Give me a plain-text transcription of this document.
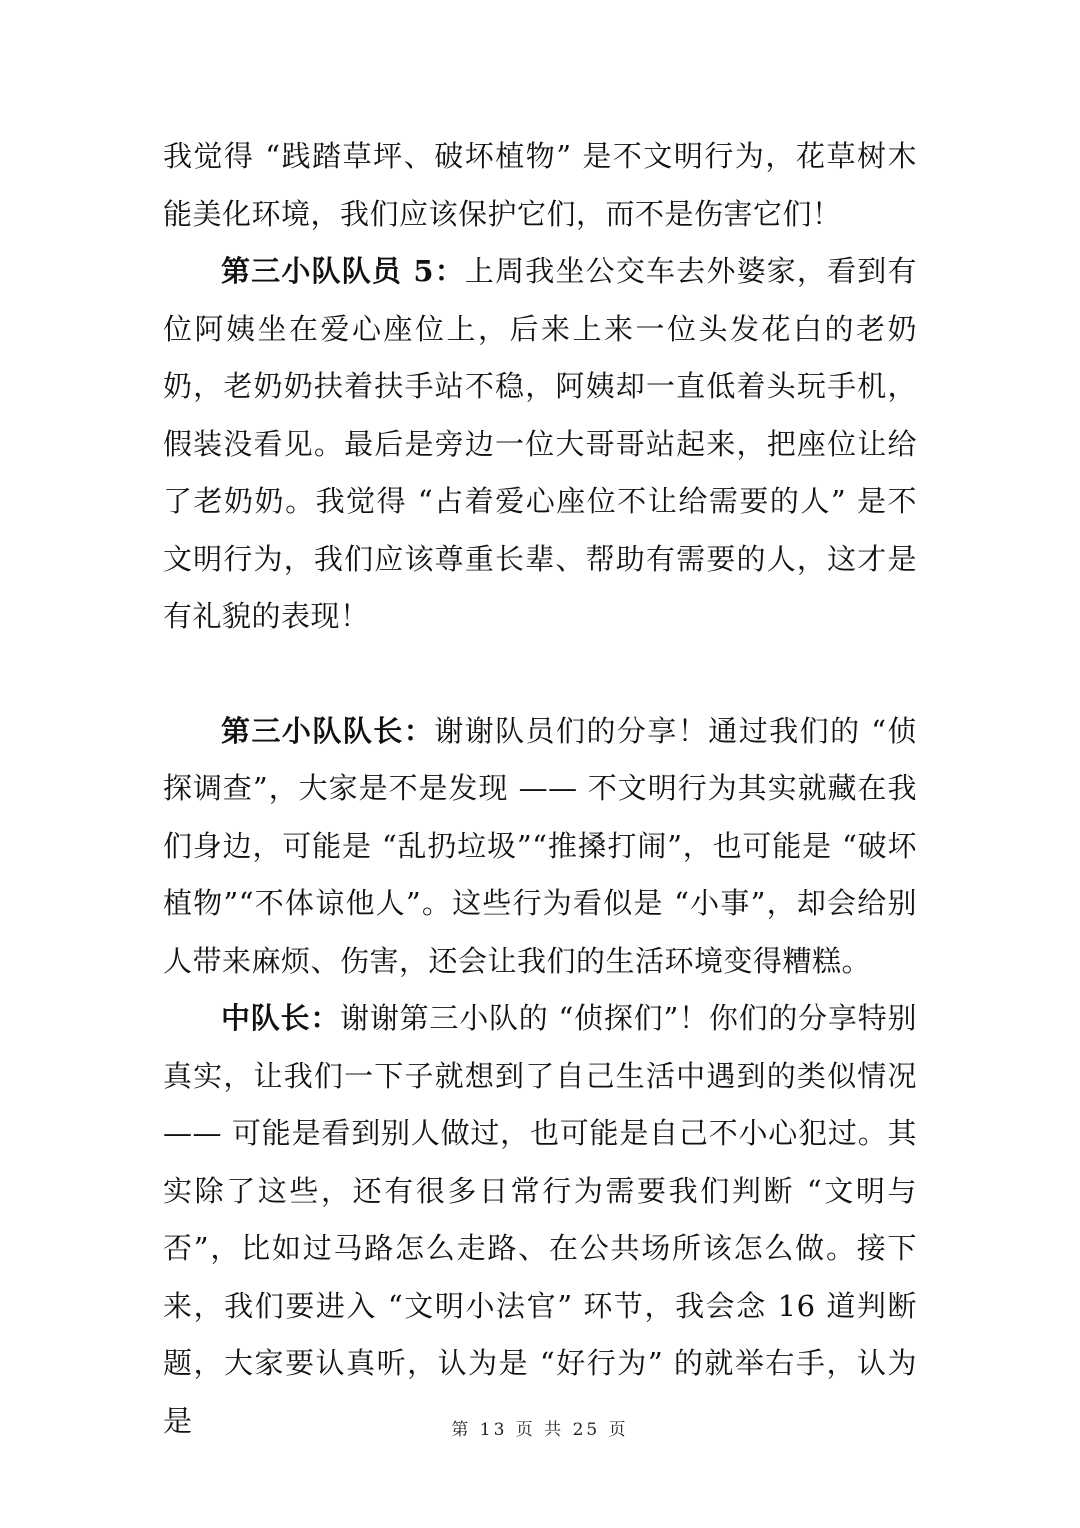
我觉得 “践踏草坪、破坏植物” 是不文明行为，花草树木能美化环境，我们应该保护它们，而不是伤害它们！

第三小队队员 5：上周我坐公交车去外婆家，看到有位阿姨坐在爱心座位上，后来上来一位头发花白的老奶奶，老奶奶扶着扶手站不稳，阿姨却一直低着头玩手机，假装没看见。最后是旁边一位大哥哥站起来，把座位让给了老奶奶。我觉得 “占着爱心座位不让给需要的人” 是不文明行为，我们应该尊重长辈、帮助有需要的人，这才是有礼貌的表现！

第三小队队长：谢谢队员们的分享！通过我们的 “侦探调查”，大家是不是发现 —— 不文明行为其实就藏在我们身边，可能是 “乱扔垃圾”“推搡打闹”，也可能是 “破坏植物”“不体谅他人”。这些行为看似是 “小事”，却会给别人带来麻烦、伤害，还会让我们的生活环境变得糟糕。

中队长：谢谢第三小队的 “侦探们”！你们的分享特别真实，让我们一下子就想到了自己生活中遇到的类似情况 —— 可能是看到别人做过，也可能是自己不小心犯过。其实除了这些，还有很多日常行为需要我们判断 “文明与否”，比如过马路怎么走路、在公共场所该怎么做。接下来，我们要进入 “文明小法官” 环节，我会念 16 道判断题，大家要认真听，认为是 “好行为” 的就举右手，认为是	第 13 页 共 25 页
